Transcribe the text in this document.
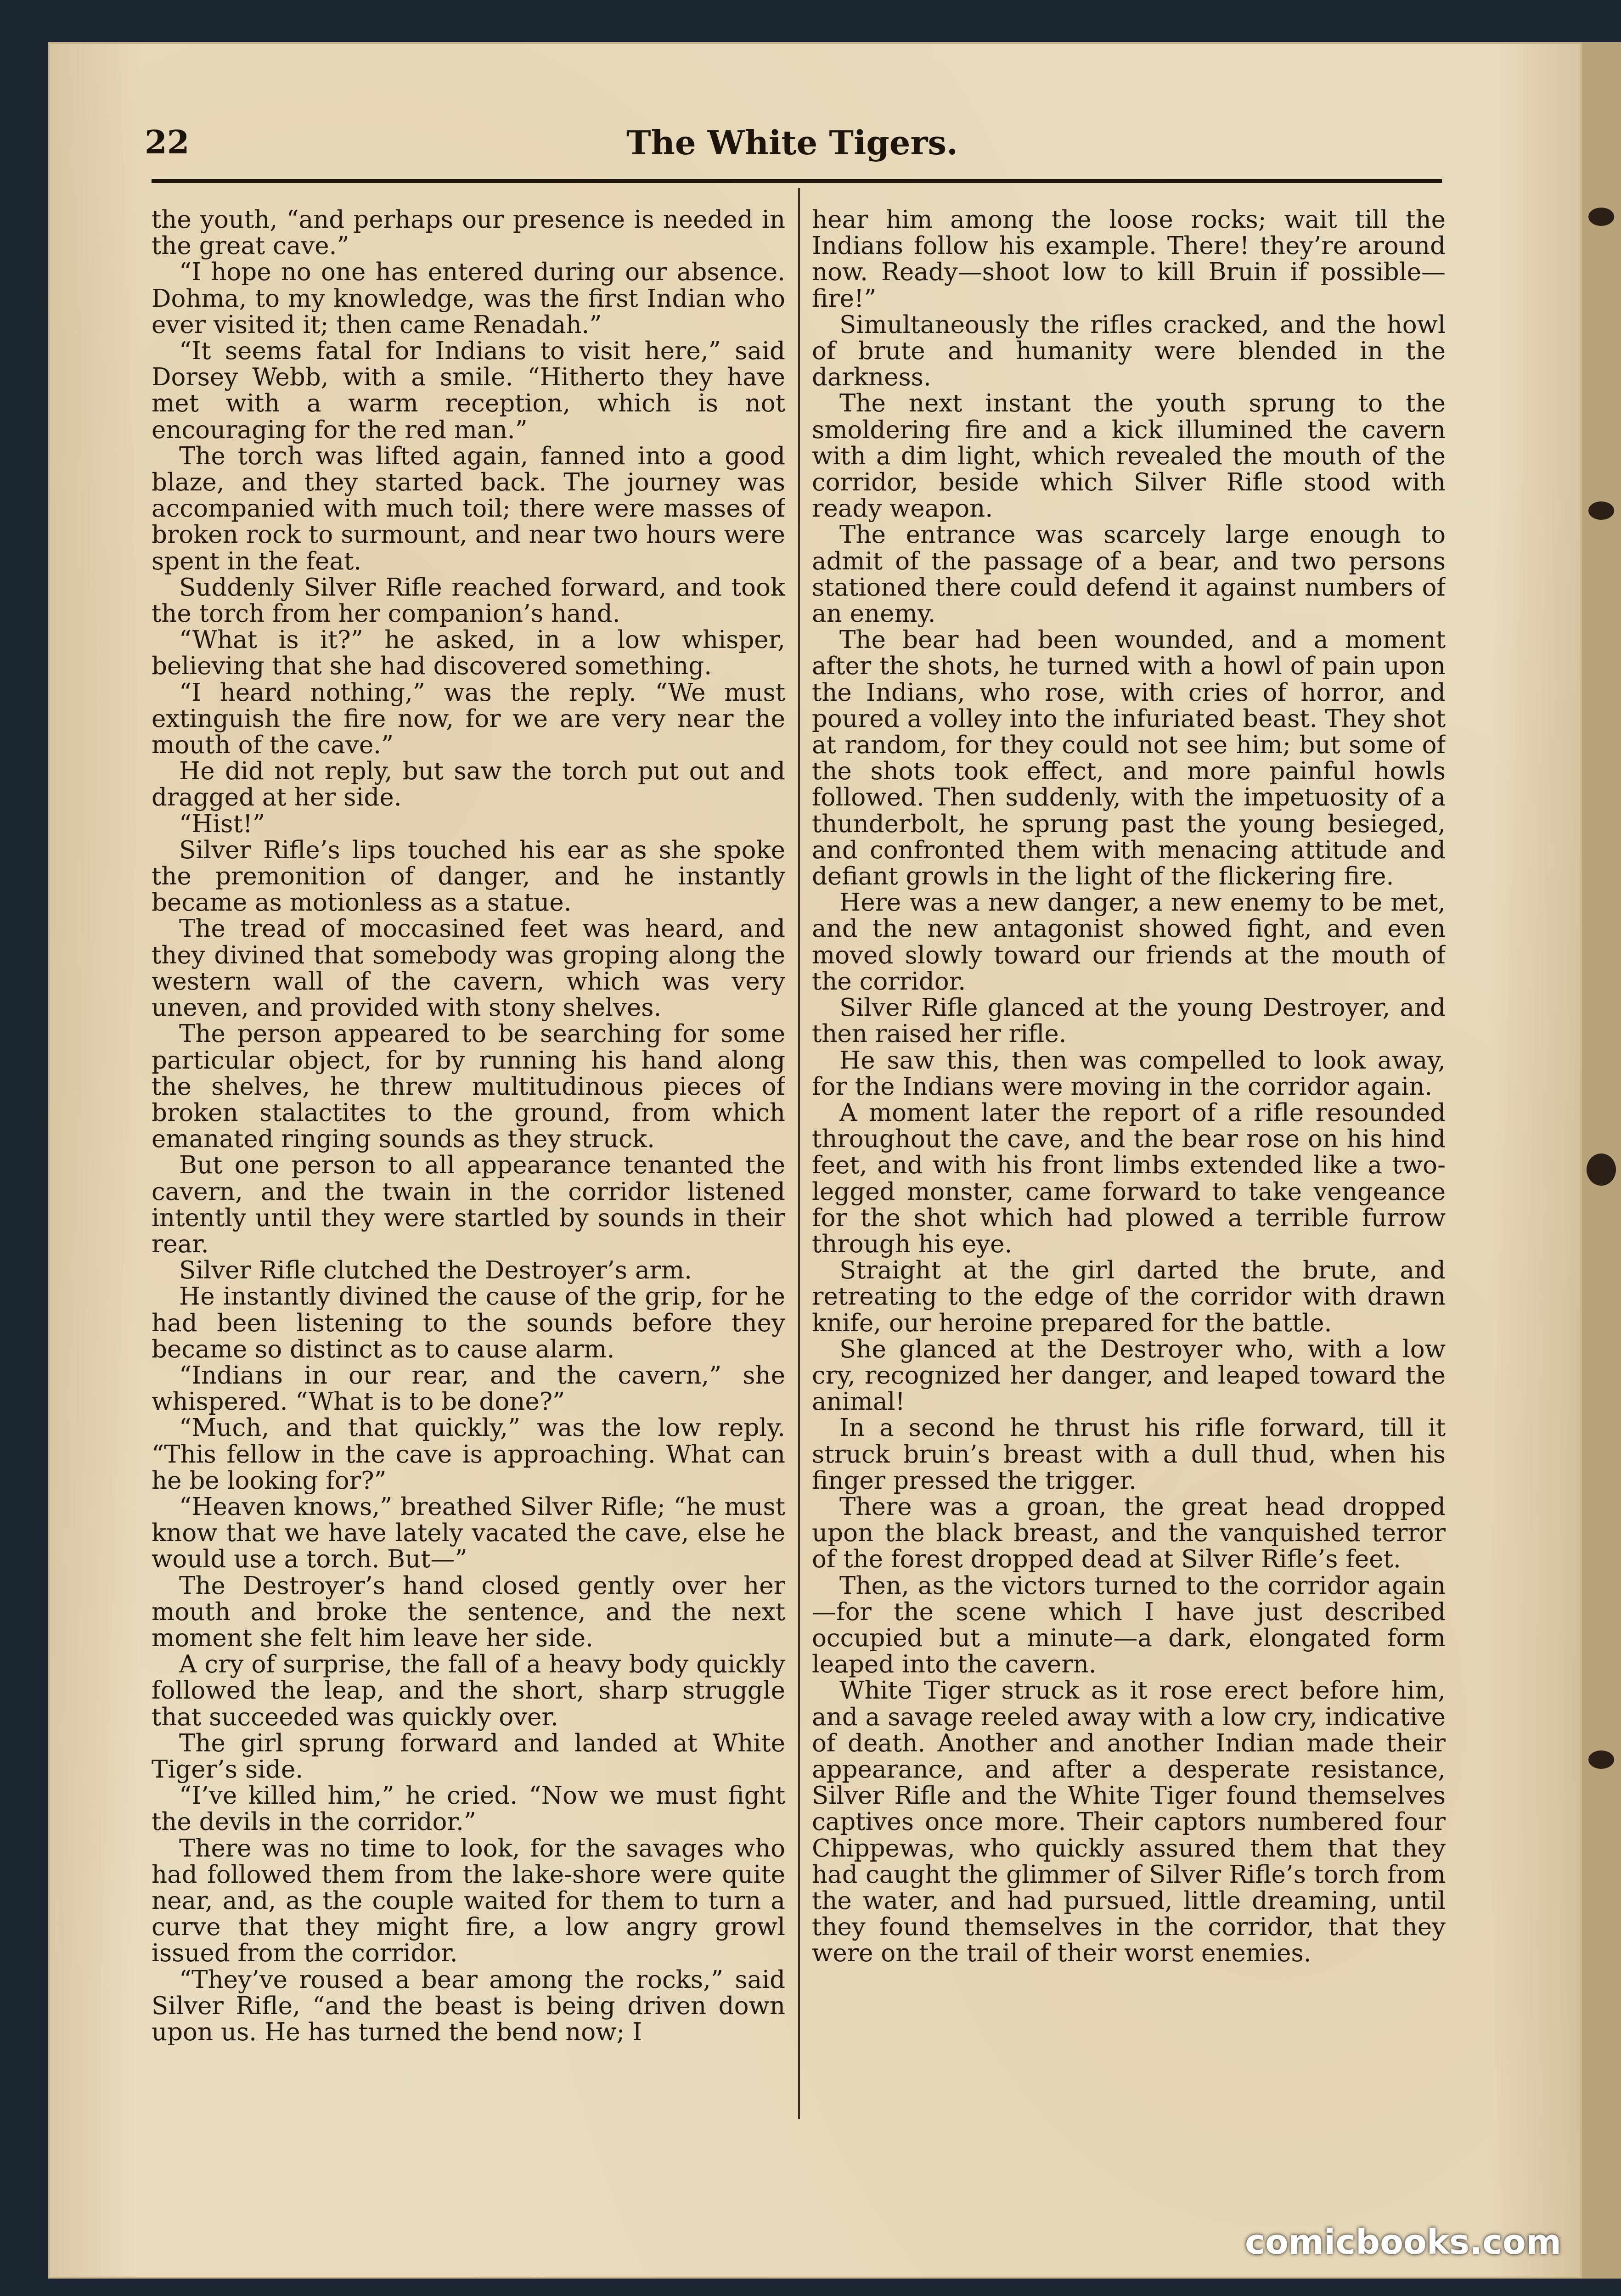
22	The White Tigers.

the youth, “and perhaps our presence is needed in the great cave.”

“I hope no one has entered during our absence. Dohma, to my knowledge, was the first Indian who ever visited it; then came Renadah.”

“It seems fatal for Indians to visit here,” said Dorsey Webb, with a smile. “Hitherto they have met with a warm reception, which is not encouraging for the red man.”

The torch was lifted again, fanned into a good blaze, and they started back. The journey was accompanied with much toil; there were masses of broken rock to surmount, and near two hours were spent in the feat.

Suddenly Silver Rifle reached forward, and took the torch from her companion’s hand.

“What is it?” he asked, in a low whisper, believing that she had discovered something.

“I heard nothing,” was the reply. “We must extinguish the fire now, for we are very near the mouth of the cave.”

He did not reply, but saw the torch put out and dragged at her side.

“Hist!”

Silver Rifle’s lips touched his ear as she spoke the premonition of danger, and he instantly became as motionless as a statue.

The tread of moccasined feet was heard, and they divined that somebody was groping along the western wall of the cavern, which was very uneven, and provided with stony shelves.

The person appeared to be searching for some particular object, for by running his hand along the shelves, he threw multitudinous pieces of broken stalactites to the ground, from which emanated ringing sounds as they struck.

But one person to all appearance tenanted the cavern, and the twain in the corridor listened intently until they were startled by sounds in their rear.

Silver Rifle clutched the Destroyer’s arm.

He instantly divined the cause of the grip, for he had been listening to the sounds before they became so distinct as to cause alarm.

“Indians in our rear, and the cavern,” she whispered. “What is to be done?”

“Much, and that quickly,” was the low reply. “This fellow in the cave is approaching. What can he be looking for?”

“Heaven knows,” breathed Silver Rifle; “he must know that we have lately vacated the cave, else he would use a torch. But—”

The Destroyer’s hand closed gently over her mouth and broke the sentence, and the next moment she felt him leave her side.

A cry of surprise, the fall of a heavy body quickly followed the leap, and the short, sharp struggle that succeeded was quickly over.

The girl sprung forward and landed at White Tiger’s side.

“I’ve killed him,” he cried. “Now we must fight the devils in the corridor.”

There was no time to look, for the savages who had followed them from the lake-shore were quite near, and, as the couple waited for them to turn a curve that they might fire, a low angry growl issued from the corridor.

“They’ve roused a bear among the rocks,” said Silver Rifle, “and the beast is being driven down upon us. He has turned the bend now; I

hear him among the loose rocks; wait till the Indians follow his example. There! they’re around now. Ready—shoot low to kill Bruin if possible—fire!”

Simultaneously the rifles cracked, and the howl of brute and humanity were blended in the darkness.

The next instant the youth sprung to the smoldering fire and a kick illumined the cavern with a dim light, which revealed the mouth of the corridor, beside which Silver Rifle stood with ready weapon.

The entrance was scarcely large enough to admit of the passage of a bear, and two persons stationed there could defend it against numbers of an enemy.

The bear had been wounded, and a moment after the shots, he turned with a howl of pain upon the Indians, who rose, with cries of horror, and poured a volley into the infuriated beast. They shot at random, for they could not see him; but some of the shots took effect, and more painful howls followed. Then suddenly, with the impetuosity of a thunderbolt, he sprung past the young besieged, and confronted them with menacing attitude and defiant growls in the light of the flickering fire.

Here was a new danger, a new enemy to be met, and the new antagonist showed fight, and even moved slowly toward our friends at the mouth of the corridor.

Silver Rifle glanced at the young Destroyer, and then raised her rifle.

He saw this, then was compelled to look away, for the Indians were moving in the corridor again.

A moment later the report of a rifle resounded throughout the cave, and the bear rose on his hind feet, and with his front limbs extended like a two-legged monster, came forward to take vengeance for the shot which had plowed a terrible furrow through his eye.

Straight at the girl darted the brute, and retreating to the edge of the corridor with drawn knife, our heroine prepared for the battle.

She glanced at the Destroyer who, with a low cry, recognized her danger, and leaped toward the animal!

In a second he thrust his rifle forward, till it struck bruin’s breast with a dull thud, when his finger pressed the trigger.

There was a groan, the great head dropped upon the black breast, and the vanquished terror of the forest dropped dead at Silver Rifle’s feet.

Then, as the victors turned to the corridor again—for the scene which I have just described occupied but a minute—a dark, elongated form leaped into the cavern.

White Tiger struck as it rose erect before him, and a savage reeled away with a low cry, indicative of death. Another and another Indian made their appearance, and after a desperate resistance, Silver Rifle and the White Tiger found themselves captives once more. Their captors numbered four Chippewas, who quickly assured them that they had caught the glimmer of Silver Rifle’s torch from the water, and had pursued, little dreaming, until they found themselves in the corridor, that they were on the trail of their worst enemies.

comicbooks.com
